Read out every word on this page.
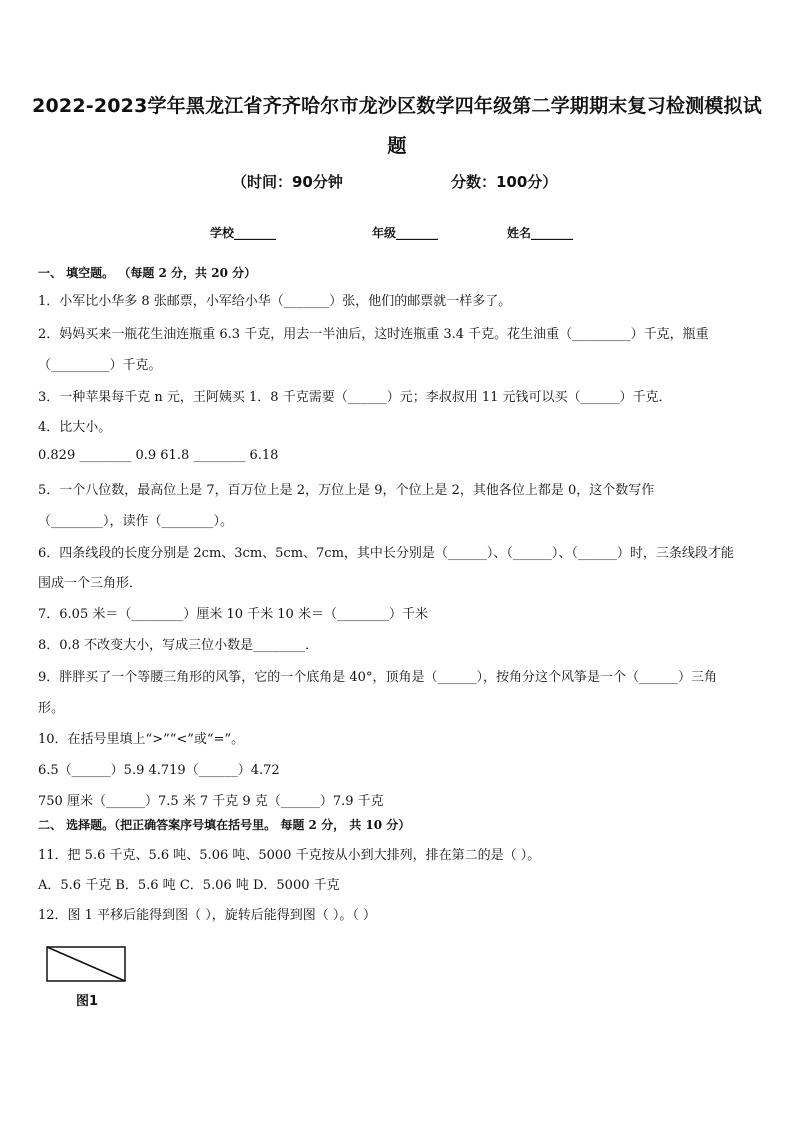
2022-2023学年黑龙江省齐齐哈尔市龙沙区数学四年级第二学期期末复习检测模拟试题
（时间：90分钟	分数：100分）
学校_______	年级_______	姓名_______
一、 填空题。 （每题 2 分，共 20 分）
1．小军比小华多 8 张邮票，小军给小华（_______）张，他们的邮票就一样多了。
2．妈妈买来一瓶花生油连瓶重 6.3 千克，用去一半油后，这时连瓶重 3.4 千克。花生油重（_________）千克，瓶重
（_________）千克。
3．一种苹果每千克 n 元，王阿姨买 1．8 千克需要（______）元；李叔叔用 11 元钱可以买（______）千克．
4．比大小。
0.829 ________ 0.9 61.8 ________ 6.18
5．一个八位数，最高位上是 7，百万位上是 2，万位上是 9，个位上是 2，其他各位上都是 0，这个数写作
（________），读作（________）。
6．四条线段的长度分别是 2cm、3cm、5cm、7cm，其中长分别是（______）、（______）、（______）时，三条线段才能
围成一个三角形．
7．6.05 米＝（________）厘米 10 千米 10 米＝（________）千米
8．0.8 不改变大小，写成三位小数是________．
9．胖胖买了一个等腰三角形的风筝，它的一个底角是 40°，顶角是（______），按角分这个风筝是一个（______）三角
形。
10．在括号里填上“>”“<”或“=”。
6.5（______）5.9 4.719（______）4.72
750 厘米（______）7.5 米 7 千克 9 克（______）7.9 千克
二、 选择题。（把正确答案序号填在括号里。 每题 2 分， 共 10 分）
11．把 5.6 千克、5.6 吨、5.06 吨、5000 千克按从小到大排列，排在第二的是（ ）。
A．5.6 千克 B．5.6 吨 C．5.06 吨 D．5000 千克
12．图 1 平移后能得到图（ ），旋转后能得到图（ ）。（ ）
图1
